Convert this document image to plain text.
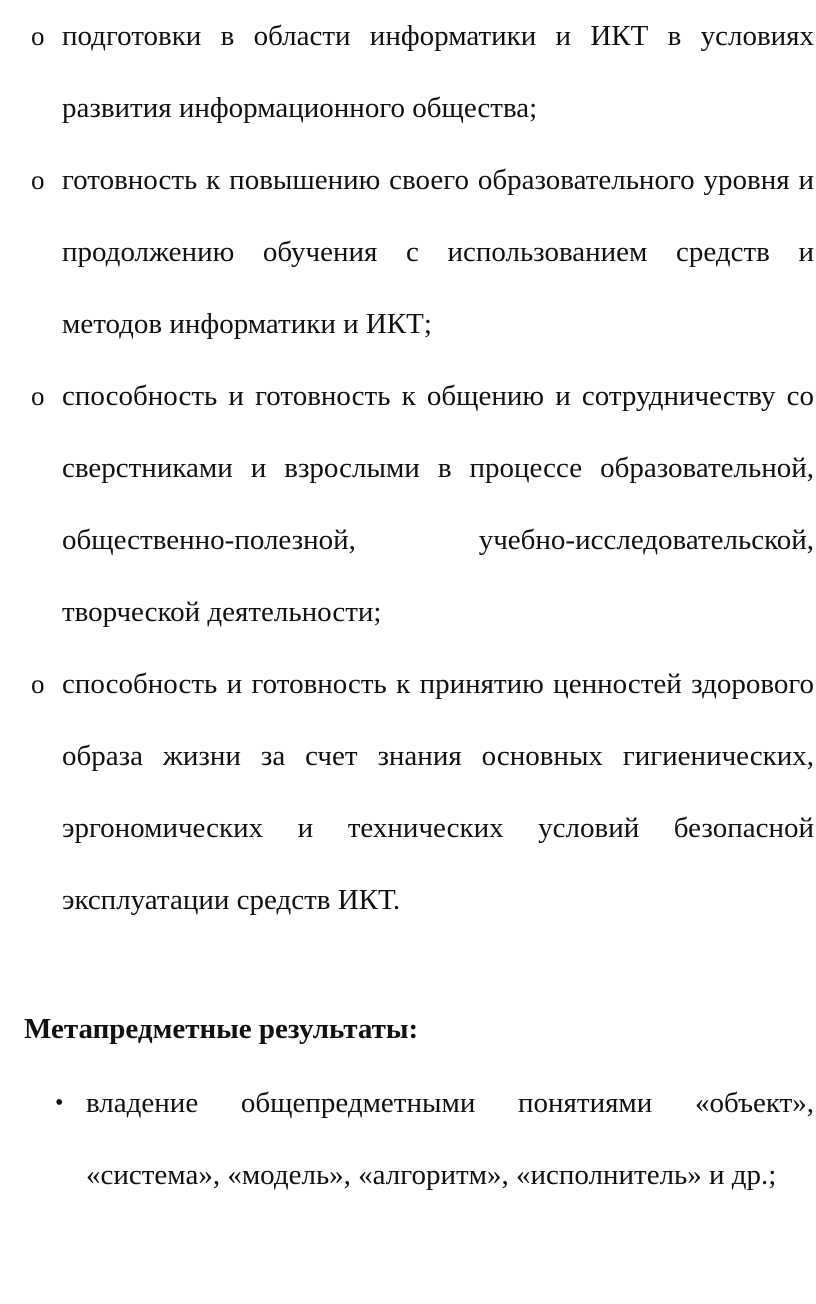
o подготовки в области информатики и ИКТ в условиях развития информационного общества;
o готовность к повышению своего образовательного уровня и продолжению обучения с использованием средств и методов информатики и ИКТ;
o способность и готовность к общению и сотрудничеству со сверстниками и взрослыми в процессе образовательной, общественно-полезной, учебно-исследовательской, творческой деятельности;
o способность и готовность к принятию ценностей здорового образа жизни за счет знания основных гигиенических, эргономических и технических условий безопасной эксплуатации средств ИКТ.
Метапредметные результаты:
• владение общепредметными понятиями «объект», «система», «модель», «алгоритм», «исполнитель» и др.;
